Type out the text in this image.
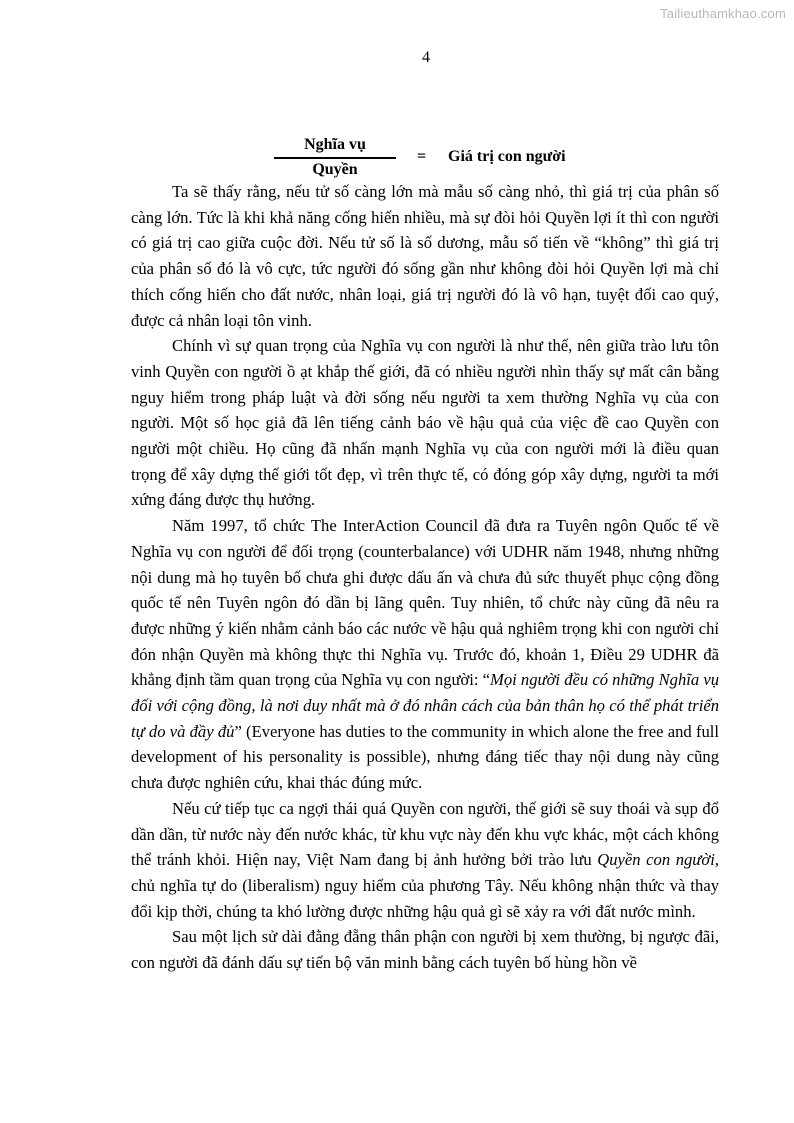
Tailieuthamkhao.com
4
Nghĩa vụ
Quyền
= Giá trị con người

Ta sẽ thấy rằng, nếu tử số càng lớn mà mẫu số càng nhỏ, thì giá trị của phân số càng lớn. Tức là khi khả năng cống hiến nhiều, mà sự đòi hỏi Quyền lợi ít thì con người có giá trị cao giữa cuộc đời. Nếu tử số là số dương, mẫu số tiến về “không” thì giá trị của phân số đó là vô cực, tức người đó sống gần như không đòi hỏi Quyền lợi mà chỉ thích cống hiến cho đất nước, nhân loại, giá trị người đó là vô hạn, tuyệt đối cao quý, được cả nhân loại tôn vinh.

Chính vì sự quan trọng của Nghĩa vụ con người là như thế, nên giữa trào lưu tôn vinh Quyền con người ồ ạt khắp thế giới, đã có nhiều người nhìn thấy sự mất cân bằng nguy hiểm trong pháp luật và đời sống nếu người ta xem thường Nghĩa vụ của con người. Một số học giả đã lên tiếng cảnh báo về hậu quả của việc đề cao Quyền con người một chiều. Họ cũng đã nhấn mạnh Nghĩa vụ của con người mới là điều quan trọng để xây dựng thế giới tốt đẹp, vì trên thực tế, có đóng góp xây dựng, người ta mới xứng đáng được thụ hưởng.

Năm 1997, tổ chức The InterAction Council đã đưa ra Tuyên ngôn Quốc tế về Nghĩa vụ con người để đối trọng (counterbalance) với UDHR năm 1948, nhưng những nội dung mà họ tuyên bố chưa ghi được dấu ấn và chưa đủ sức thuyết phục cộng đồng quốc tế nên Tuyên ngôn đó dần bị lãng quên. Tuy nhiên, tổ chức này cũng đã nêu ra được những ý kiến nhằm cảnh báo các nước về hậu quả nghiêm trọng khi con người chỉ đón nhận Quyền mà không thực thi Nghĩa vụ. Trước đó, khoản 1, Điều 29 UDHR đã khẳng định tầm quan trọng của Nghĩa vụ con người: “Mọi người đều có những Nghĩa vụ đối với cộng đồng, là nơi duy nhất mà ở đó nhân cách của bản thân họ có thể phát triển tự do và đầy đủ” (Everyone has duties to the community in which alone the free and full development of his personality is possible), nhưng đáng tiếc thay nội dung này cũng chưa được nghiên cứu, khai thác đúng mức.

Nếu cứ tiếp tục ca ngợi thái quá Quyền con người, thế giới sẽ suy thoái và sụp đổ dần dần, từ nước này đến nước khác, từ khu vực này đến khu vực khác, một cách không thể tránh khỏi. Hiện nay, Việt Nam đang bị ảnh hưởng bởi trào lưu Quyền con người, chủ nghĩa tự do (liberalism) nguy hiểm của phương Tây. Nếu không nhận thức và thay đổi kịp thời, chúng ta khó lường được những hậu quả gì sẽ xảy ra với đất nước mình.

Sau một lịch sử dài đằng đẵng thân phận con người bị xem thường, bị ngược đãi, con người đã đánh dấu sự tiến bộ văn minh bằng cách tuyên bố hùng hồn về
